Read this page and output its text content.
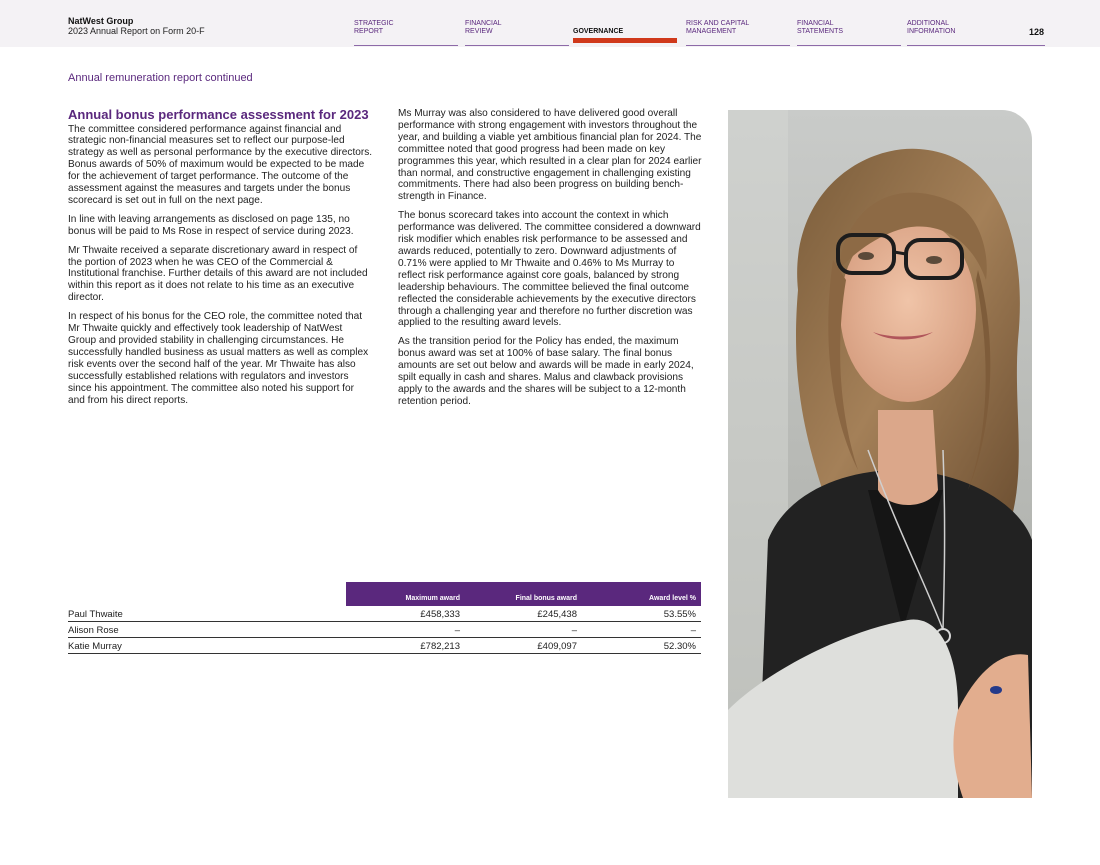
NatWest Group
2023 Annual Report on Form 20-F
STRATEGIC
REPORT
FINANCIAL
REVIEW	GOVERNANCE
RISK AND CAPITAL
MANAGEMENT
FINANCIAL
STATEMENTS
ADDITIONAL
INFORMATION	128
Annual remuneration report continued
Annual bonus performance assessment for 2023

The committee considered performance against financial and strategic non-financial measures set to reflect our purpose-led strategy as well as personal performance by the executive directors. Bonus awards of 50% of maximum would be expected to be made for the achievement of target performance. The outcome of the assessment against the measures and targets under the bonus scorecard is set out in full on the next page.

In line with leaving arrangements as disclosed on page 135, no bonus will be paid to Ms Rose in respect of service during 2023.

Mr Thwaite received a separate discretionary award in respect of the portion of 2023 when he was CEO of the Commercial & Institutional franchise. Further details of this award are not included within this report as it does not relate to his time as an executive director.

In respect of his bonus for the CEO role, the committee noted that Mr Thwaite quickly and effectively took leadership of NatWest Group and provided stability in challenging circumstances. He successfully handled business as usual matters as well as complex risk events over the second half of the year. Mr Thwaite has also successfully established relations with regulators and investors since his appointment. The committee also noted his support for and from his direct reports.

Ms Murray was also considered to have delivered good overall performance with strong engagement with investors throughout the year, and building a viable yet ambitious financial plan for 2024. The committee noted that good progress had been made on key programmes this year, which resulted in a clear plan for 2024 earlier than normal, and constructive engagement in challenging existing commitments. There had also been progress on building bench-strength in Finance.

The bonus scorecard takes into account the context in which performance was delivered. The committee considered a downward risk modifier which enables risk performance to be assessed and awards reduced, potentially to zero. Downward adjustments of 0.71% were applied to Mr Thwaite and 0.46% to Ms Murray to reflect risk performance against core goals, balanced by strong leadership behaviours. The committee believed the final outcome reflected the considerable achievements by the executive directors through a challenging year and therefore no further discretion was applied to the resulting award levels.

As the transition period for the Policy has ended, the maximum bonus award was set at 100% of base salary. The final bonus amounts are set out below and awards will be made in early 2024, spilt equally in cash and shares. Malus and clawback provisions apply to the awards and the shares will be subject to a 12-month retention period.

Maximum award	Final bonus award	Award level %
Paul Thwaite	£458,333	£245,438	53.55%
Alison Rose	–	–	–
Katie Murray	£782,213	£409,097	52.30%
